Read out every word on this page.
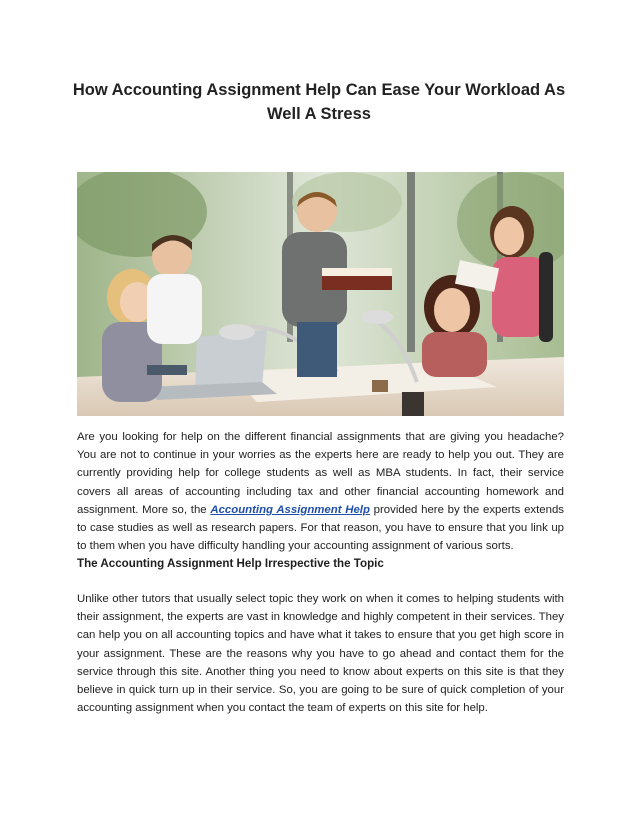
How Accounting Assignment Help Can Ease Your Workload As
Well A Stress
Are you looking for help on the different financial assignments that are giving you headache? You are not to continue in your worries as the experts here are ready to help you out. They are currently providing help for college students as well as MBA students. In fact, their service covers all areas of accounting including tax and other financial accounting homework and assignment. More so, the Accounting Assignment Help provided here by the experts extends to case studies as well as research papers. For that reason, you have to ensure that you link up to them when you have difficulty handling your accounting assignment of various sorts.
The Accounting Assignment Help Irrespective the Topic
Unlike other tutors that usually select topic they work on when it comes to helping students with their assignment, the experts are vast in knowledge and highly competent in their services. They can help you on all accounting topics and have what it takes to ensure that you get high score in your assignment. These are the reasons why you have to go ahead and contact them for the service through this site. Another thing you need to know about experts on this site is that they believe in quick turn up in their service. So, you are going to be sure of quick completion of your accounting assignment when you contact the team of experts on this site for help.
